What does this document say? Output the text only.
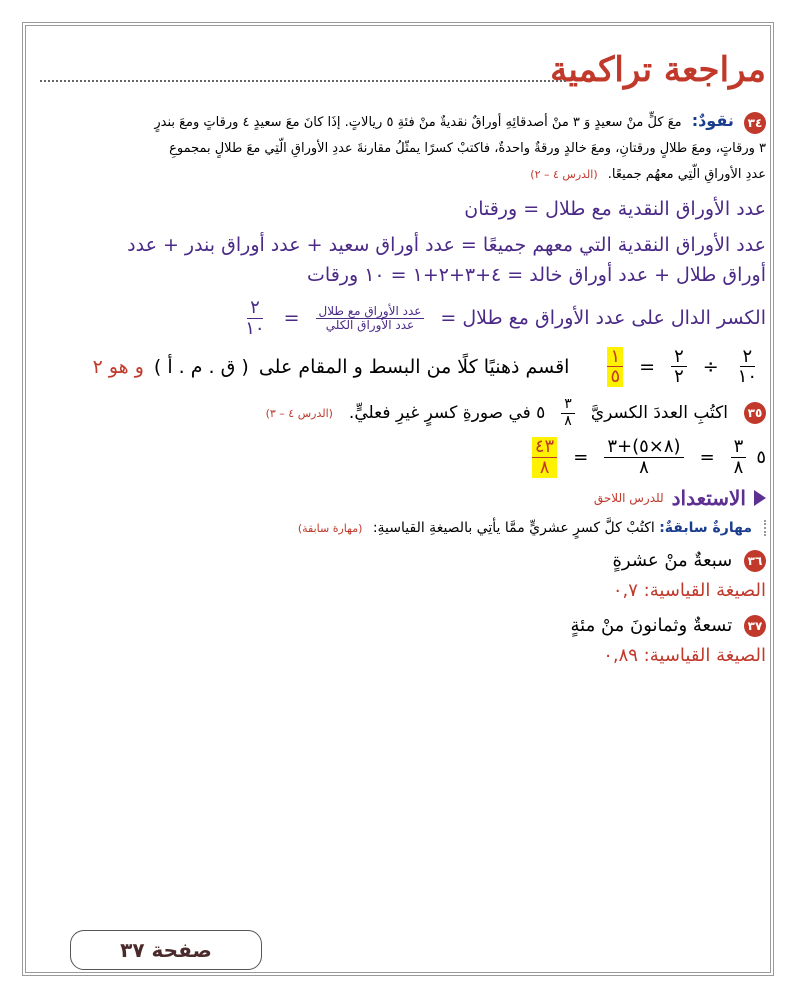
مراجعة تراكمية
٣٤ نقودٌ: معَ كلٍّ منْ سعيدٍ وَ ٣ منْ أصدقائِهِ أوراقٌ نقديةٌ منْ فئةِ ٥ ريالاتٍ. إذَا كانَ معَ سعيدٍ ٤ ورقاتٍ ومعَ بندرٍ
٣ ورقاتٍ، ومعَ طلالٍ ورقتانِ، ومعَ خالدٍ ورقةٌ واحدةٌ، فاكتبْ كسرًا يمثّلُ مقارنةَ عددِ الأوراقِ الّتِي معَ طلالٍ بمجموعِ
عددِ الأوراقِ الّتِي معهُم جميعًا. (الدرس ٤ – ٢)
عدد الأوراق النقدية مع طلال = ورقتان
عدد الأوراق النقدية التي معهم جميعًا = عدد أوراق سعيد + عدد أوراق بندر + عدد
أوراق طلال + عدد أوراق خالد = ٤+٣+٢+١ = ١٠ ورقات
الكسر الدال على عدد الأوراق مع طلال =
$\frac{\text{عدد الأوراق مع طلال}}{\text{عدد الأوراق الكلي}}$
=
$\frac{٢}{١٠}$
$\frac{٢}{١٠}$
÷
$\frac{٢}{٢}$
=
$\frac{١}{٥}$
اقسم ذهنيًا كلًا من البسط و المقام على
( ق . م . أ )
و هو ٢
٣٥
اكتُبِ العددَ الكسريَّ
$\frac{٣}{٨}$
٥ في صورةِ كسرٍ غيرِ فعليٍّ.
(الدرس ٤ – ٣)
٥
$\frac{٣}{٨}$
=
$\frac{(٨\times ٥)+٣}{٨}$
=
$\frac{٤٣}{٨}$
الاستعداد
للدرس اللاحق
مهارةٌ سابقةٌ: اكتُبْ كلَّ كسرٍ عشريٍّ ممَّا يأتِي بالصيغةِ القياسيةِ: (مهارة سابقة)
٣٦ سبعةٌ منْ عشرةٍ
الصيغة القياسية: ٠,٧
٣٧ تسعةٌ وثمانونَ منْ مئةٍ
الصيغة القياسية: ٠,٨٩
صفحة ٣٧
